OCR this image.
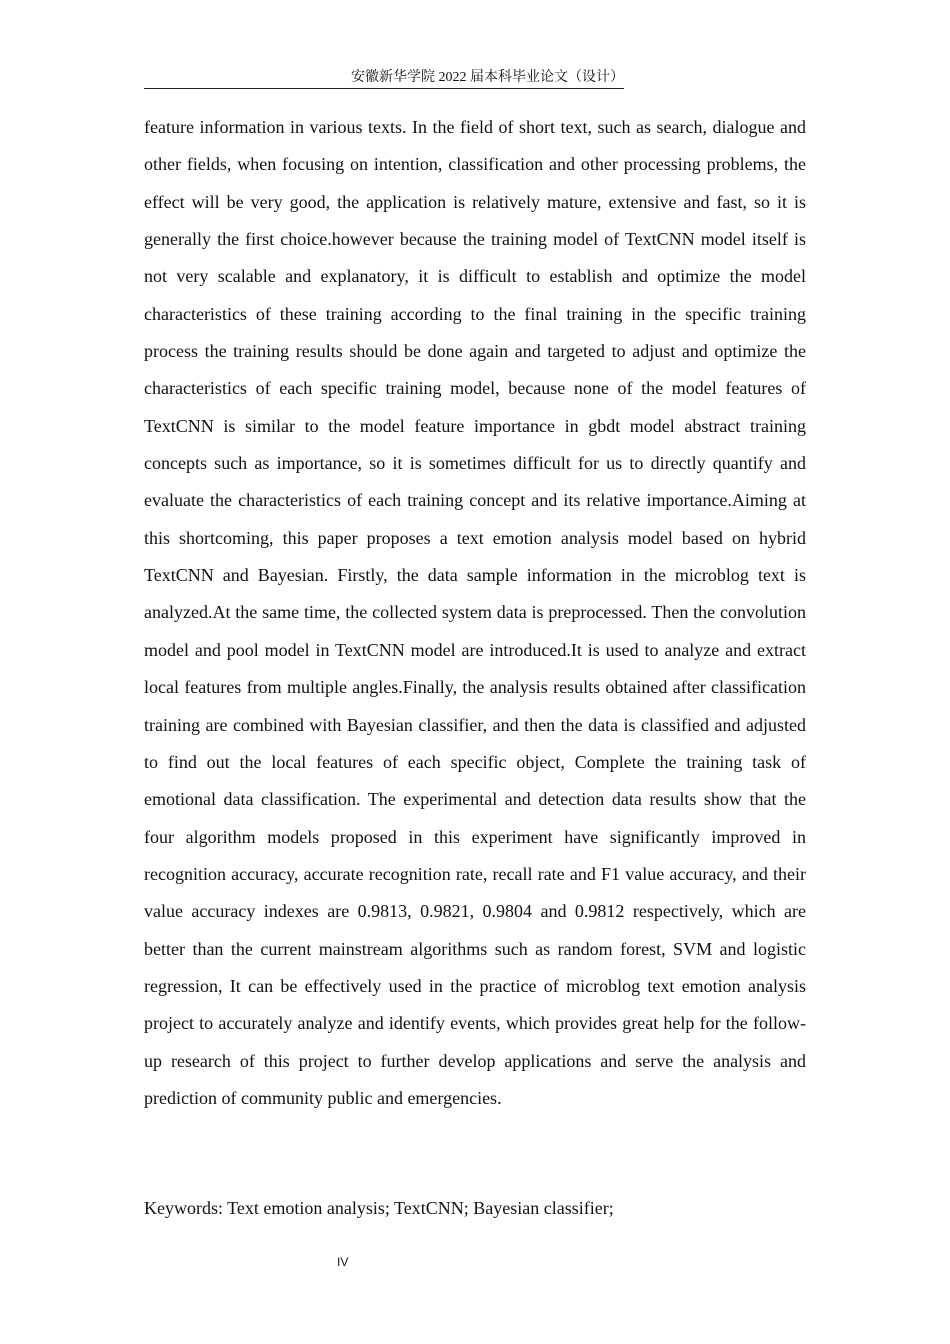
安徽新华学院 2022 届本科毕业论文（设计）

feature information in various texts. In the field of short text, such as search, dialogue and other fields, when focusing on intention, classification and other processing problems, the effect will be very good, the application is relatively mature, extensive and fast, so it is generally the first choice.however because the training model of TextCNN model itself is not very scalable and explanatory, it is difficult to establish and optimize the model characteristics of these training according to the final training in the specific training process the training results should be done again and targeted to adjust and optimize the characteristics of each specific training model, because none of the model features of TextCNN is similar to the model feature importance in gbdt model abstract training concepts such as importance, so it is sometimes difficult for us to directly quantify and evaluate the characteristics of each training concept and its relative importance.Aiming at this shortcoming, this paper proposes a text emotion analysis model based on hybrid TextCNN and Bayesian. Firstly, the data sample information in the microblog text is analyzed.At the same time, the collected system data is preprocessed. Then the convolution model and pool model in TextCNN model are introduced.It is used to analyze and extract local features from multiple angles.Finally, the analysis results obtained after classification training are combined with Bayesian classifier, and then the data is classified and adjusted to find out the local features of each specific object, Complete the training task of emotional data classification. The experimental and detection data results show that the four algorithm models proposed in this experiment have significantly improved in recognition accuracy, accurate recognition rate, recall rate and F1 value accuracy, and their value accuracy indexes are 0.9813, 0.9821, 0.9804 and 0.9812 respectively, which are better than the current mainstream algorithms such as random forest, SVM and logistic regression, It can be effectively used in the practice of microblog text emotion analysis project to accurately analyze and identify events, which provides great help for the follow-up research of this project to further develop applications and serve the analysis and prediction of community public and emergencies.

Keywords: Text emotion analysis; TextCNN; Bayesian classifier;

IV
